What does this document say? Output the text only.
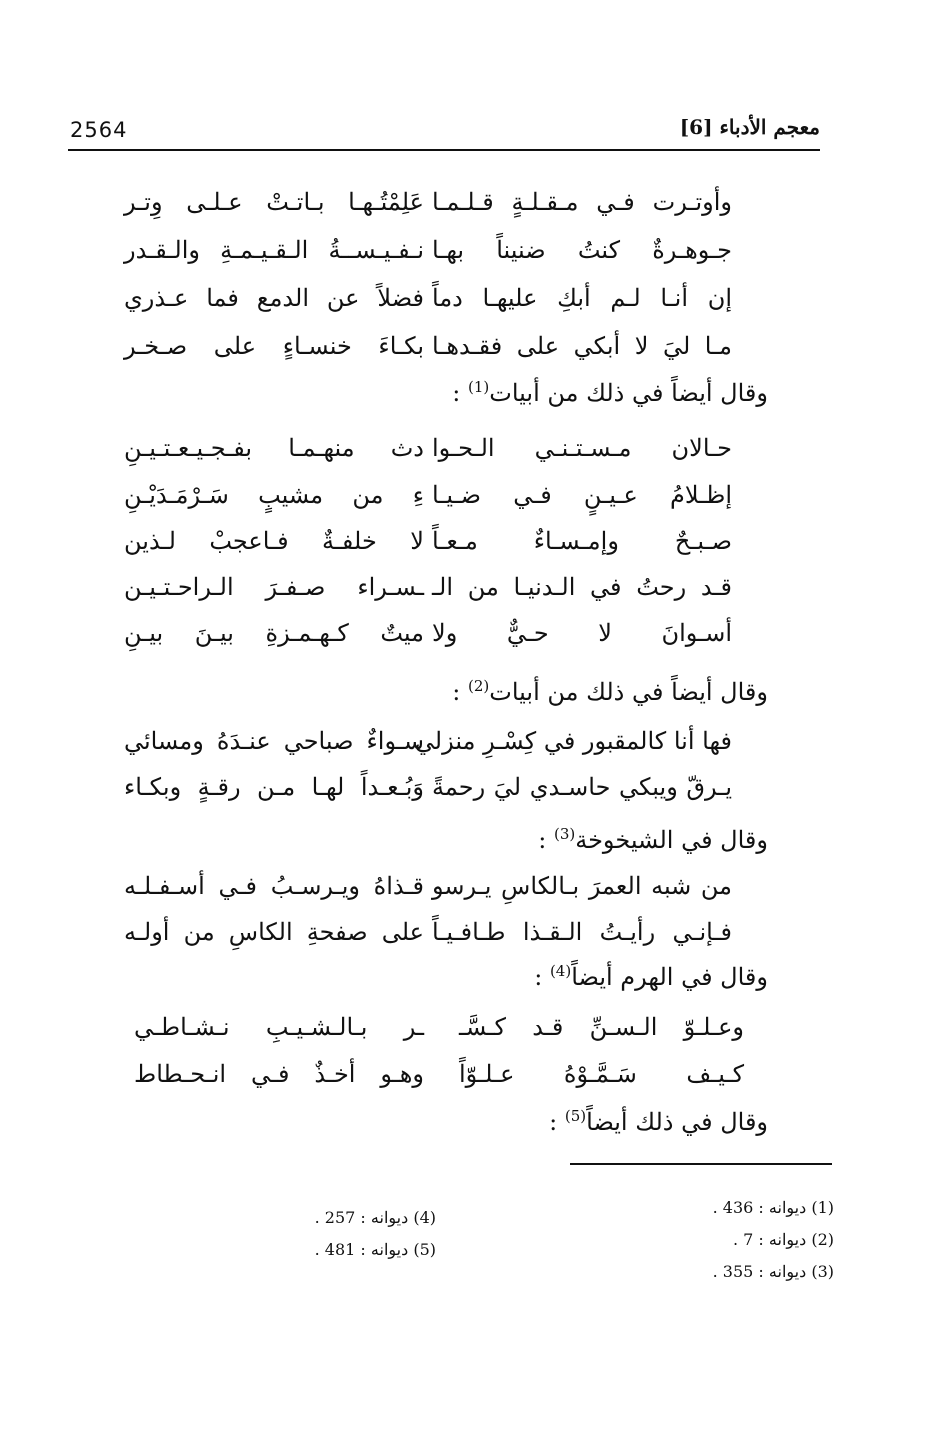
2564	معجم الأدباء [6]
وأوتـرت فـي مـقـلـةٍ قـلـمـا
عَلِمْتُـهـا بـاتـتْ عـلـى وِتـر
جـوهـرةٌ كنتُ ضنيناً بهـا
نـفـيـســةُ الـقـيـمـةِ والـقـدر
إن أنـا لـم أبكِ عليهـا دماً
فضلاً عن الدمع فما عـذري
مـا ليَ لا أبكي على فقـدهـا
بكـاءَ خنسـاءٍ على صـخـر
وقال أيضاً في ذلك من أبيات$^{(1)}$ :
حـالان مـسـتـنـي الـحـوا
دث منهـمـا بفـجـيـعـتـيـنِ
إظـلامُ عـيـنٍ فـي ضـيـا
ءِ من مشيبٍ سَـرْمَـدَيْـنِ
صـبـحٌ وإمـسـاءٌ مـعـاً
لا خلفـةٌ فـاعجبْ لـذين
قـد رحتُ في الـدنيـا من الـ
ـسـراء صـفـرَ الـراحـتـيـن
أسـوانَ لا حـيٌّ ولا
ميتٌ كـهـمـزةِ بيـنَ بيـنِ
وقال أيضاً في ذلك من أبيات$^{(2)}$ :
فها أنا كالمقبور في كِسْـرِ منزلي
سـواءٌ صباحي عنـدَهُ ومسائي
يـرقّ ويبكي حاسـدي ليَ رحمةً
وَبُـعـداً لهـا مـن رقـةٍ وبكـاء
وقال في الشيخوخة$^{(3)}$ :
من شبه العمرَ بـالكاسِ يـرسو
قـذاهُ ويـرسـبُ فـي أسـفـلـه
فـإنـي رأيـتُ الـقـذا طـافـيـاً
على صفحةِ الكاسِ من أولـه
وقال في الهرم أيضاً$^{(4)}$ :
وعـلـوّ الـسـنِّ قـد كـسَّـ
ـر بـالـشـيـبِ نـشـاطـي
كـيـف سَـمَّـوْهُ عـلـوّاً
وهـو أخـذٌ فـي انـحـطاط
وقال في ذلك أيضاً$^{(5)}$ :
(1) ديوانه : 436 .
(2) ديوانه : 7 .
(3) ديوانه : 355 .
(4) ديوانه : 257 .
(5) ديوانه : 481 .
